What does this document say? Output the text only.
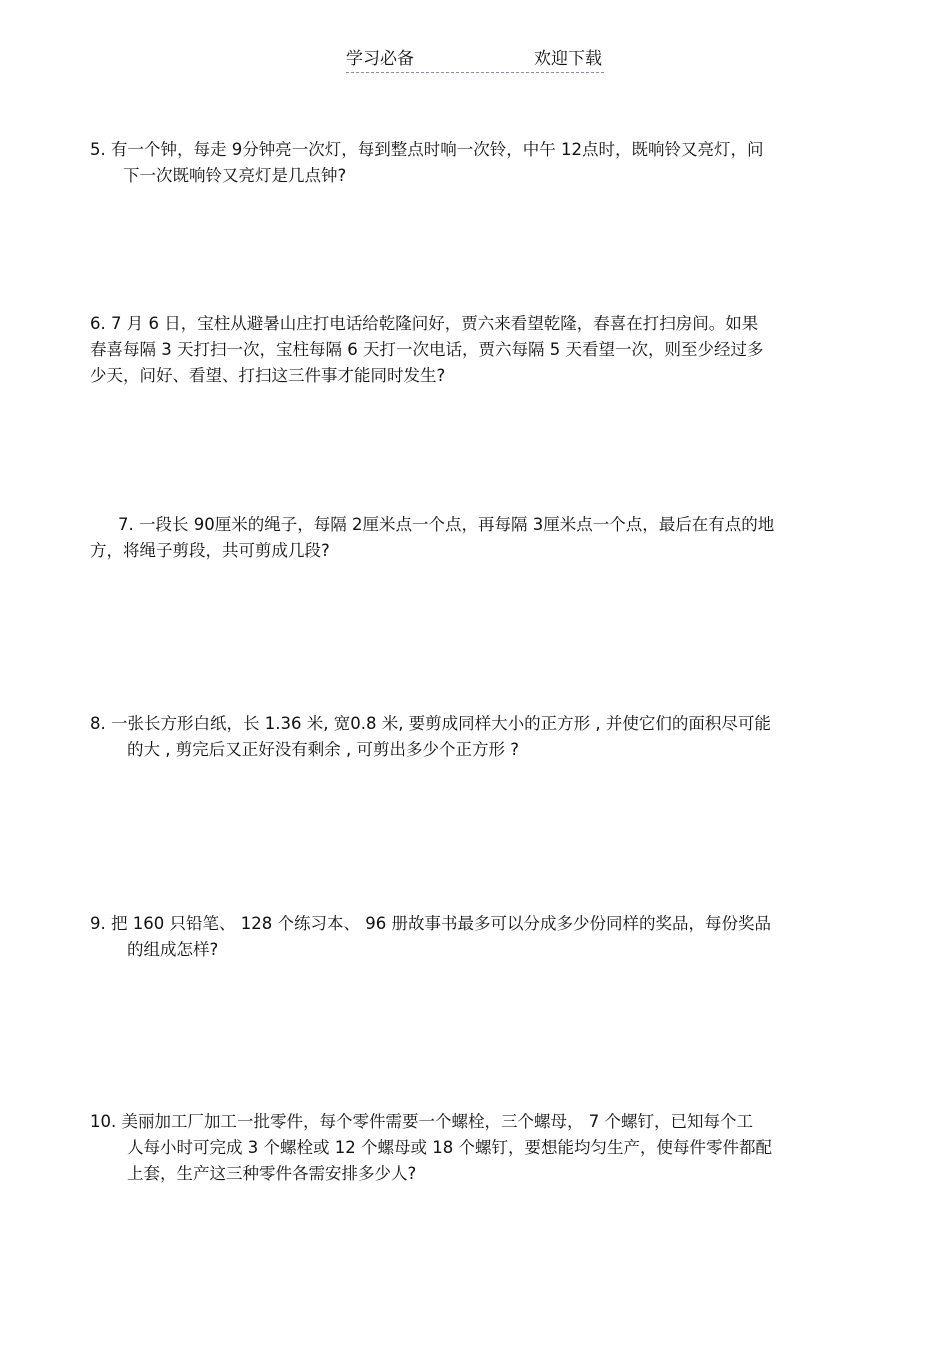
学习必备	欢迎下载
5. 有一个钟，每走 9分钟亮一次灯，每到整点时响一次铃，中午 12点时，既响铃又亮灯，问
下一次既响铃又亮灯是几点钟?
6. 7 月 6 日，宝柱从避暑山庄打电话给乾隆问好，贾六来看望乾隆，春喜在打扫房间。如果
春喜每隔 3 天打扫一次，宝柱每隔 6 天打一次电话，贾六每隔 5 天看望一次，则至少经过多
少天，问好、看望、打扫这三件事才能同时发生?
7. 一段长 90厘米的绳子，每隔 2厘米点一个点，再每隔 3厘米点一个点，最后在有点的地
方，将绳子剪段，共可剪成几段?
8. 一张长方形白纸，长 1.36 米, 宽0.8 米, 要剪成同样大小的正方形 , 并使它们的面积尽可能
的大 , 剪完后又正好没有剩余 , 可剪出多少个正方形 ?
9. 把 160 只铅笔、 128 个练习本、 96 册故事书最多可以分成多少份同样的奖品，每份奖品
的组成怎样?
10. 美丽加工厂加工一批零件，每个零件需要一个螺栓，三个螺母， 7 个螺钉，已知每个工
人每小时可完成 3 个螺栓或 12 个螺母或 18 个螺钉，要想能均匀生产，使每件零件都配
上套，生产这三种零件各需安排多少人?
